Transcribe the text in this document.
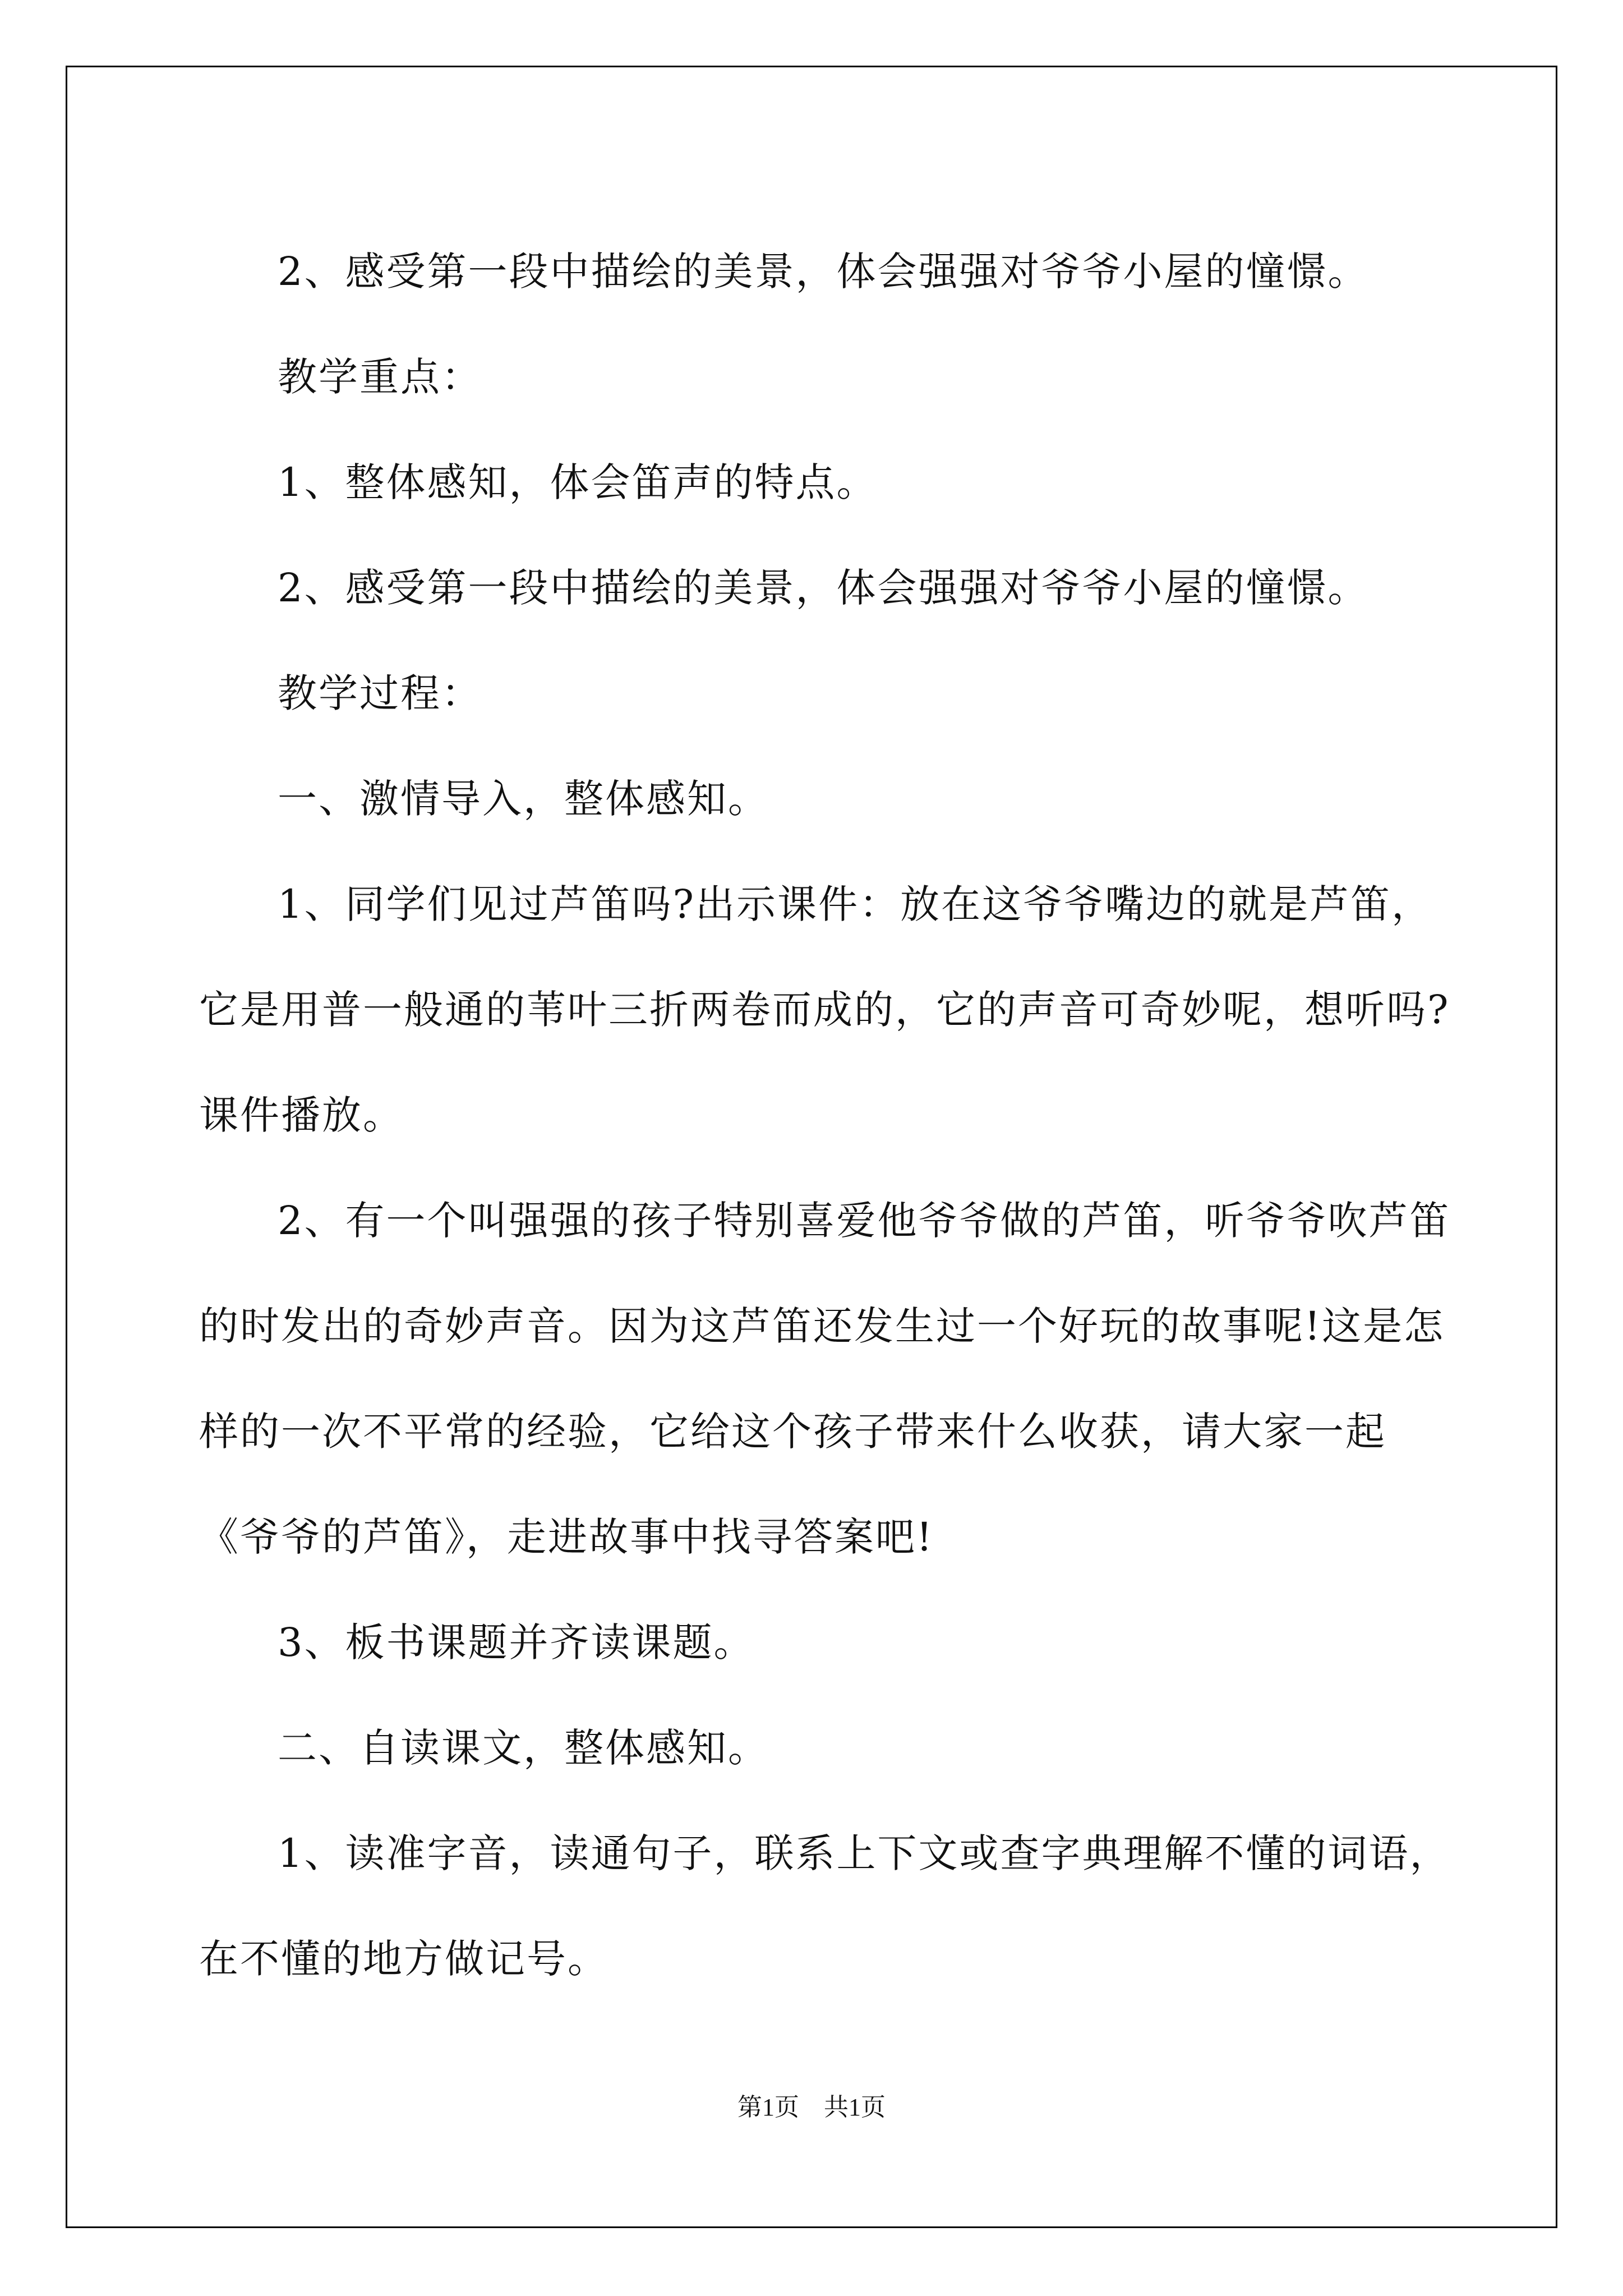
2、感受第一段中描绘的美景，体会强强对爷爷小屋的憧憬。

教学重点：

1、整体感知，体会笛声的特点。

2、感受第一段中描绘的美景，体会强强对爷爷小屋的憧憬。

教学过程：

一、激情导入，整体感知。

1、同学们见过芦笛吗?出示课件：放在这爷爷嘴边的就是芦笛，它是用普一般通的苇叶三折两卷而成的，它的声音可奇妙呢，想听吗?课件播放。

2、有一个叫强强的孩子特别喜爱他爷爷做的芦笛，听爷爷吹芦笛的时发出的奇妙声音。因为这芦笛还发生过一个好玩的故事呢!这是怎样的一次不平常的经验，它给这个孩子带来什么收获，请大家一起《爷爷的芦笛》，走进故事中找寻答案吧!

3、板书课题并齐读课题。

二、自读课文，整体感知。

1、读准字音，读通句子，联系上下文或查字典理解不懂的词语，在不懂的地方做记号。

第1页　共1页
